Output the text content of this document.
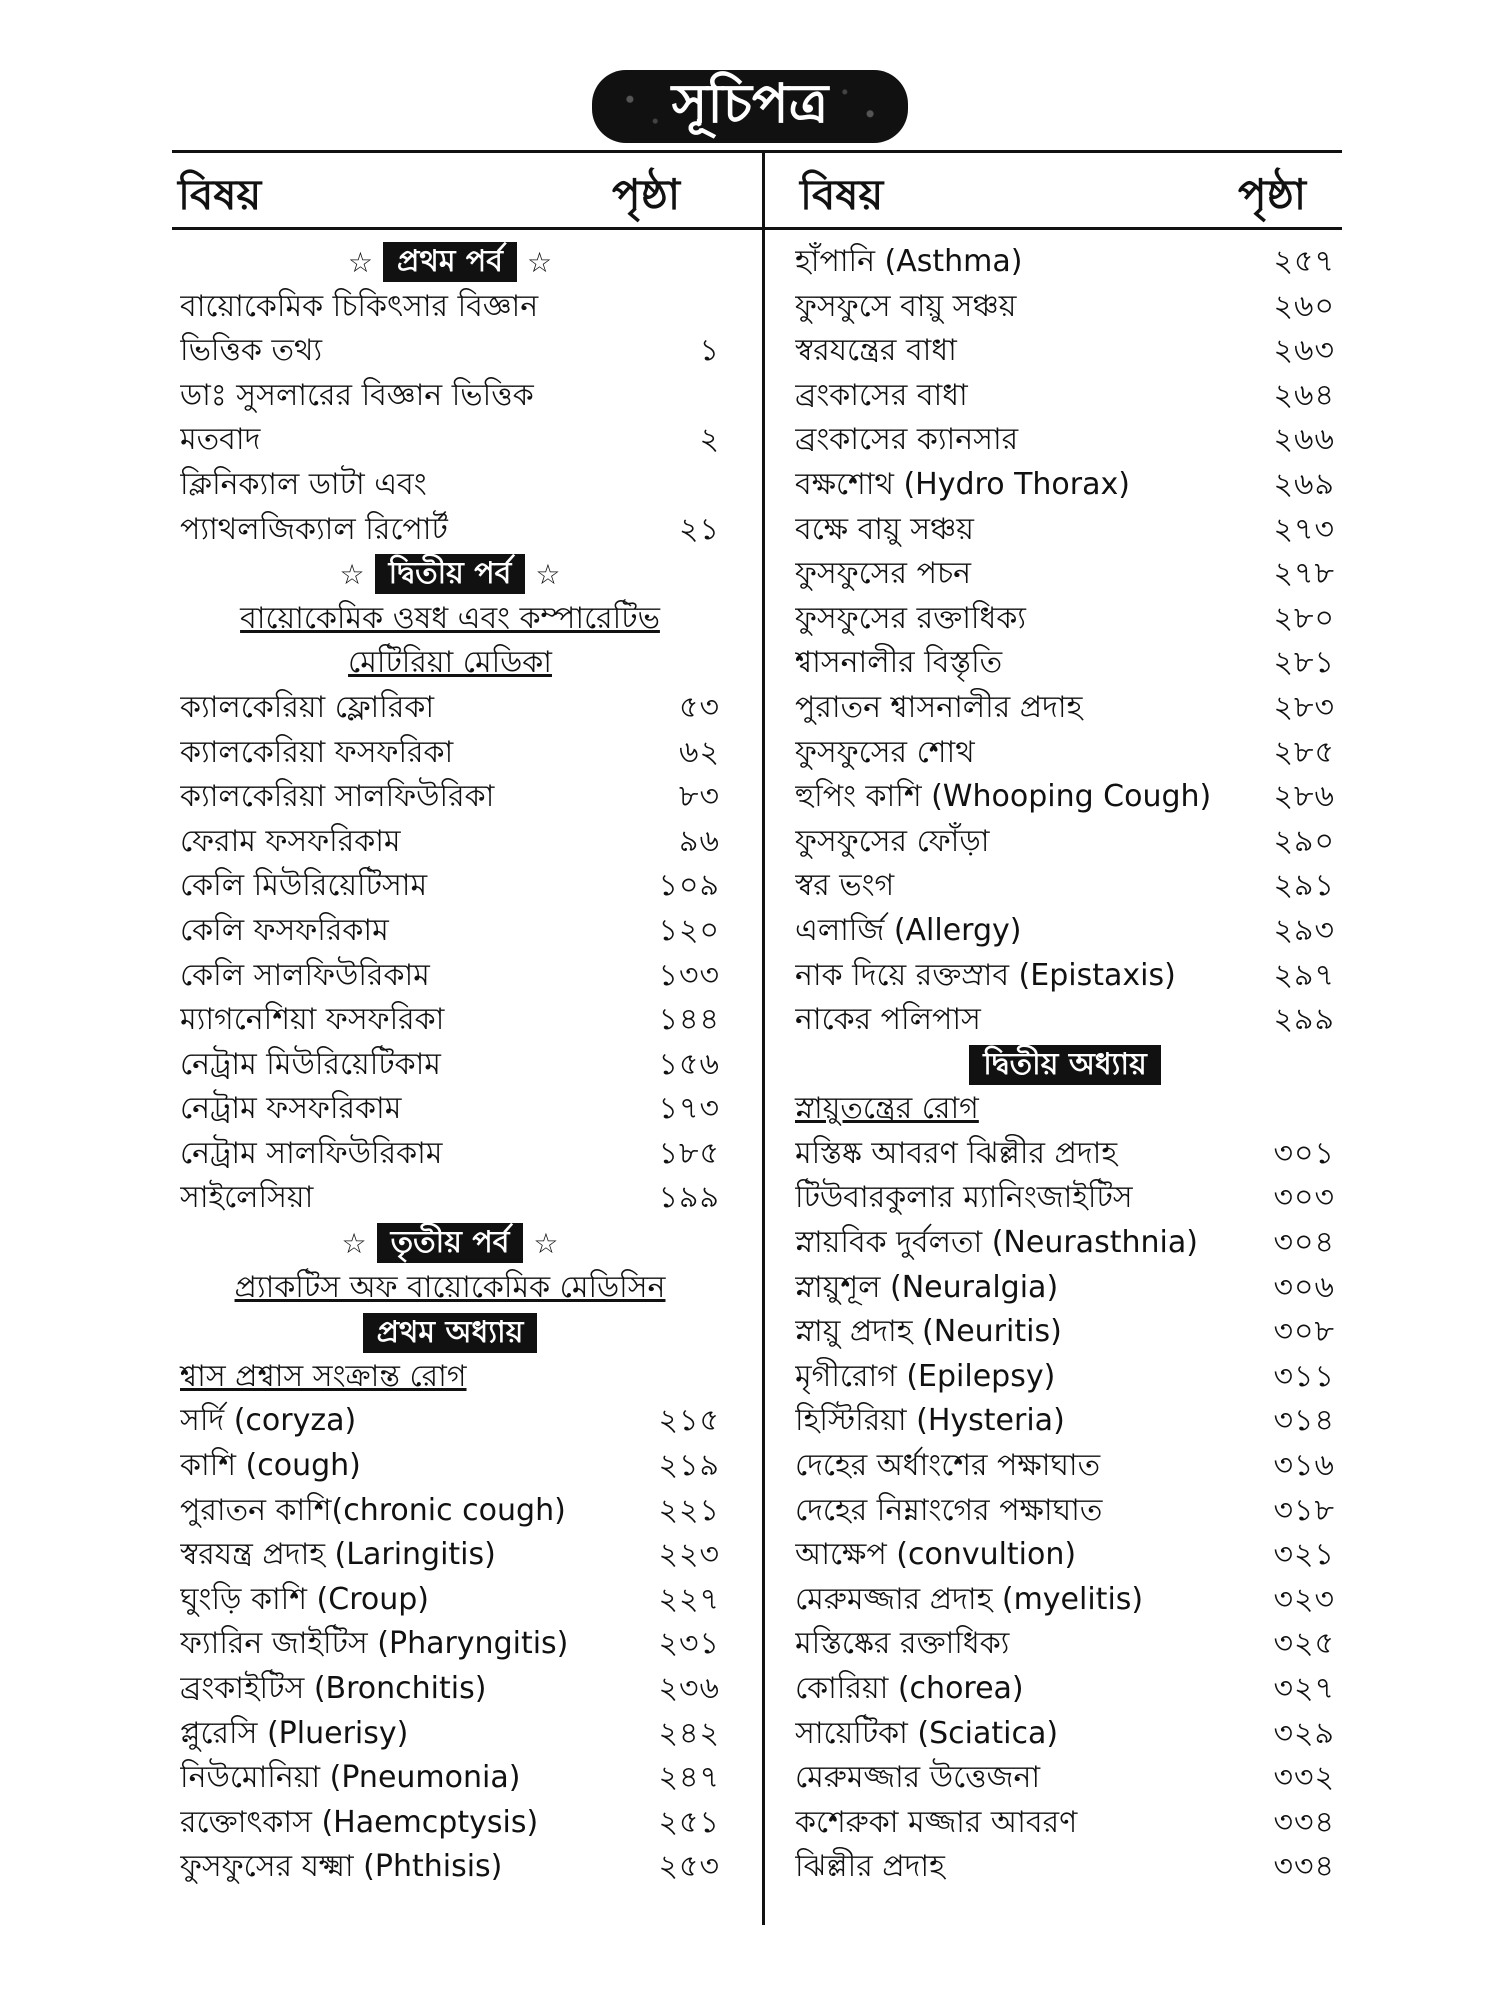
সূচিপত্র
বিষয়	পৃষ্ঠা	বিষয়	পৃষ্ঠা
☆ প্রথম পর্ব ☆
বায়োকেমিক চিকিৎসার বিজ্ঞান
ভিত্তিক তথ্য	১
ডাঃ সুসলারের বিজ্ঞান ভিত্তিক
মতবাদ	২
ক্লিনিক্যাল ডাটা এবং
প্যাথলজিক্যাল রিপোর্ট	২১
☆ দ্বিতীয় পর্ব ☆
বায়োকেমিক ওষধ এবং কম্পারেটিভ
মেটিরিয়া মেডিকা
ক্যালকেরিয়া ফ্লোরিকা	৫৩
ক্যালকেরিয়া ফসফরিকা	৬২
ক্যালকেরিয়া সালফিউরিকা	৮৩
ফেরাম ফসফরিকাম	৯৬
কেলি মিউরিয়েটিসাম	১০৯
কেলি ফসফরিকাম	১২০
কেলি সালফিউরিকাম	১৩৩
ম্যাগনেশিয়া ফসফরিকা	১৪৪
নেট্রাম মিউরিয়েটিকাম	১৫৬
নেট্রাম ফসফরিকাম	১৭৩
নেট্রাম সালফিউরিকাম	১৮৫
সাইলেসিয়া	১৯৯
☆ তৃতীয় পর্ব ☆
প্র্যাকটিস অফ বায়োকেমিক মেডিসিন
প্রথম অধ্যায়
শ্বাস প্রশ্বাস সংক্রান্ত রোগ
সর্দি (coryza)	২১৫
কাশি (cough)	২১৯
পুরাতন কাশি(chronic cough)	২২১
স্বরযন্ত্র প্রদাহ (Laringitis)	২২৩
ঘুংড়ি কাশি (Croup)	২২৭
ফ্যারিন জাইটিস (Pharyngitis)	২৩১
ব্রংকাইটিস (Bronchitis)	২৩৬
প্লুরেসি (Pluerisy)	২৪২
নিউমোনিয়া (Pneumonia)	২৪৭
রক্তোৎকাস (Haemcptysis)	২৫১
ফুসফুসের যক্ষ্মা (Phthisis)	২৫৩
হাঁপানি (Asthma)	২৫৭
ফুসফুসে বায়ু সঞ্চয়	২৬০
স্বরযন্ত্রের বাধা	২৬৩
ব্রংকাসের বাধা	২৬৪
ব্রংকাসের ক্যানসার	২৬৬
বক্ষশোথ (Hydro Thorax)	২৬৯
বক্ষে বায়ু সঞ্চয়	২৭৩
ফুসফুসের পচন	২৭৮
ফুসফুসের রক্তাধিক্য	২৮০
শ্বাসনালীর বিস্তৃতি	২৮১
পুরাতন শ্বাসনালীর প্রদাহ	২৮৩
ফুসফুসের শোথ	২৮৫
হুপিং কাশি (Whooping Cough)	২৮৬
ফুসফুসের ফোঁড়া	২৯০
স্বর ভংগ	২৯১
এলার্জি (Allergy)	২৯৩
নাক দিয়ে রক্তস্রাব (Epistaxis)	২৯৭
নাকের পলিপাস	২৯৯
দ্বিতীয় অধ্যায়
স্নায়ুতন্ত্রের রোগ
মস্তিষ্ক আবরণ ঝিল্লীর প্রদাহ	৩০১
টিউবারকুলার ম্যানিংজাইটিস	৩০৩
স্নায়বিক দুর্বলতা (Neurasthnia)	৩০৪
স্নায়ুশূল (Neuralgia)	৩০৬
স্নায়ু প্রদাহ (Neuritis)	৩০৮
মৃগীরোগ (Epilepsy)	৩১১
হিস্টিরিয়া (Hysteria)	৩১৪
দেহের অর্ধাংশের পক্ষাঘাত	৩১৬
দেহের নিম্নাংগের পক্ষাঘাত	৩১৮
আক্ষেপ (convultion)	৩২১
মেরুমজ্জার প্রদাহ (myelitis)	৩২৩
মস্তিষ্কের রক্তাধিক্য	৩২৫
কোরিয়া (chorea)	৩২৭
সায়েটিকা (Sciatica)	৩২৯
মেরুমজ্জার উত্তেজনা	৩৩২
কশেরুকা মজ্জার আবরণ	৩৩৪
ঝিল্লীর প্রদাহ	৩৩৪
